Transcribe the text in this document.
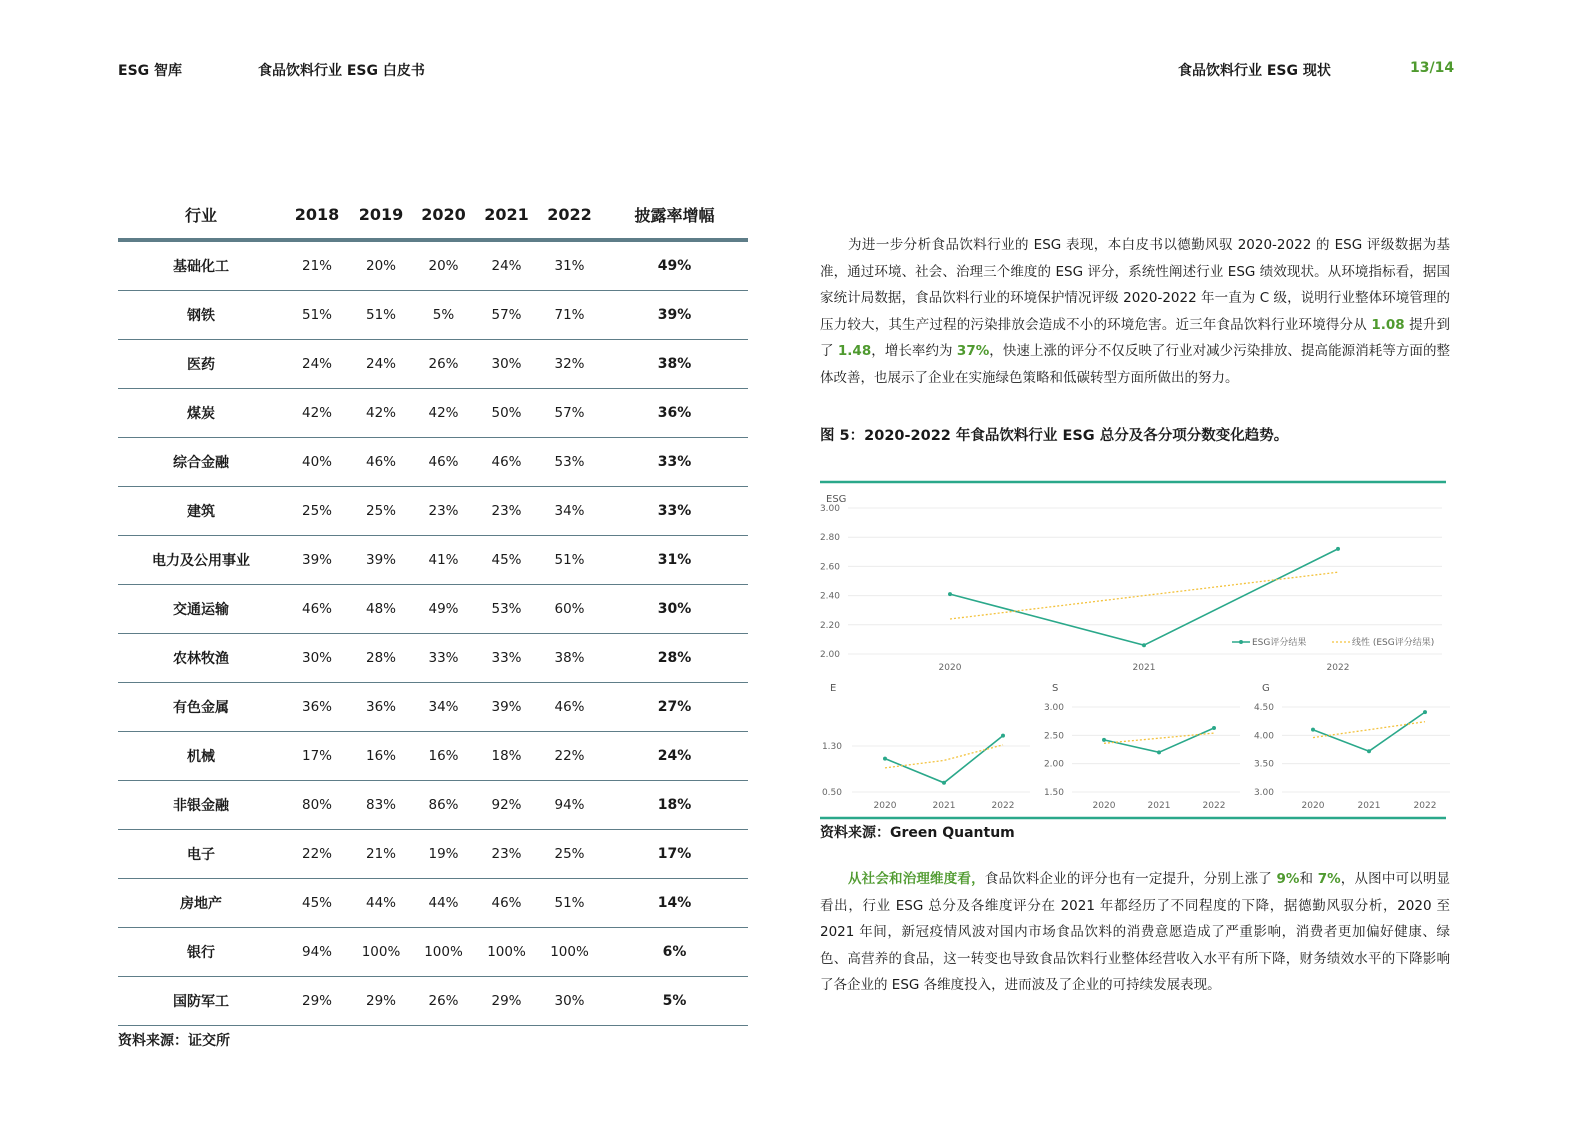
ESG 智库	食品饮料行业 ESG 白皮书	食品饮料行业 ESG 现状	13/14
行业	2018	2019	2020	2021	2022	披露率增幅
基础化工	21%	20%	20%	24%	31%	49%
钢铁	51%	51%	5%	57%	71%	39%
医药	24%	24%	26%	30%	32%	38%
煤炭	42%	42%	42%	50%	57%	36%
综合金融	40%	46%	46%	46%	53%	33%
建筑	25%	25%	23%	23%	34%	33%
电力及公用事业	39%	39%	41%	45%	51%	31%
交通运输	46%	48%	49%	53%	60%	30%
农林牧渔	30%	28%	33%	33%	38%	28%
有色金属	36%	36%	34%	39%	46%	27%
机械	17%	16%	16%	18%	22%	24%
非银金融	80%	83%	86%	92%	94%	18%
电子	22%	21%	19%	23%	25%	17%
房地产	45%	44%	44%	46%	51%	14%
银行	94%	100%	100%	100%	100%	6%
国防军工	29%	29%	26%	29%	30%	5%
资料来源：证交所
为进一步分析食品饮料行业的 ESG 表现，本白皮书以德勤风驭 2020-2022 的 ESG 评级数据为基准，通过环境、社会、治理三个维度的 ESG 评分，系统性阐述行业 ESG 绩效现状。从环境指标看，据国家统计局数据，食品饮料行业的环境保护情况评级 2020-2022 年一直为 C 级，说明行业整体环境管理的压力较大，其生产过程的污染排放会造成不小的环境危害。近三年食品饮料行业环境得分从 1.08 提升到了 1.48，增长率约为 37%，快速上涨的评分不仅反映了行业对减少污染排放、提高能源消耗等方面的整体改善，也展示了企业在实施绿色策略和低碳转型方面所做出的努力。
图 5：2020-2022 年食品饮料行业 ESG 总分及各分项分数变化趋势。
ESG
2.00
2.20
2.40
2.60
2.80
3.00
2020	2021	2022
ESG评分结果	线性 (ESG评分结果)
E
0.50
1.30
2020	2021	2022
S
1.50
2.00
2.50
3.00
2020	2021	2022
G
3.00
3.50
4.00
4.50
2020	2021	2022
资料来源：Green Quantum
从社会和治理维度看，食品饮料企业的评分也有一定提升，分别上涨了 9%和 7%，从图中可以明显看出，行业 ESG 总分及各维度评分在 2021 年都经历了不同程度的下降，据德勤风驭分析，2020 至 2021 年间，新冠疫情风波对国内市场食品饮料的消费意愿造成了严重影响，消费者更加偏好健康、绿色、高营养的食品，这一转变也导致食品饮料行业整体经营收入水平有所下降，财务绩效水平的下降影响了各企业的 ESG 各维度投入，进而波及了企业的可持续发展表现。
